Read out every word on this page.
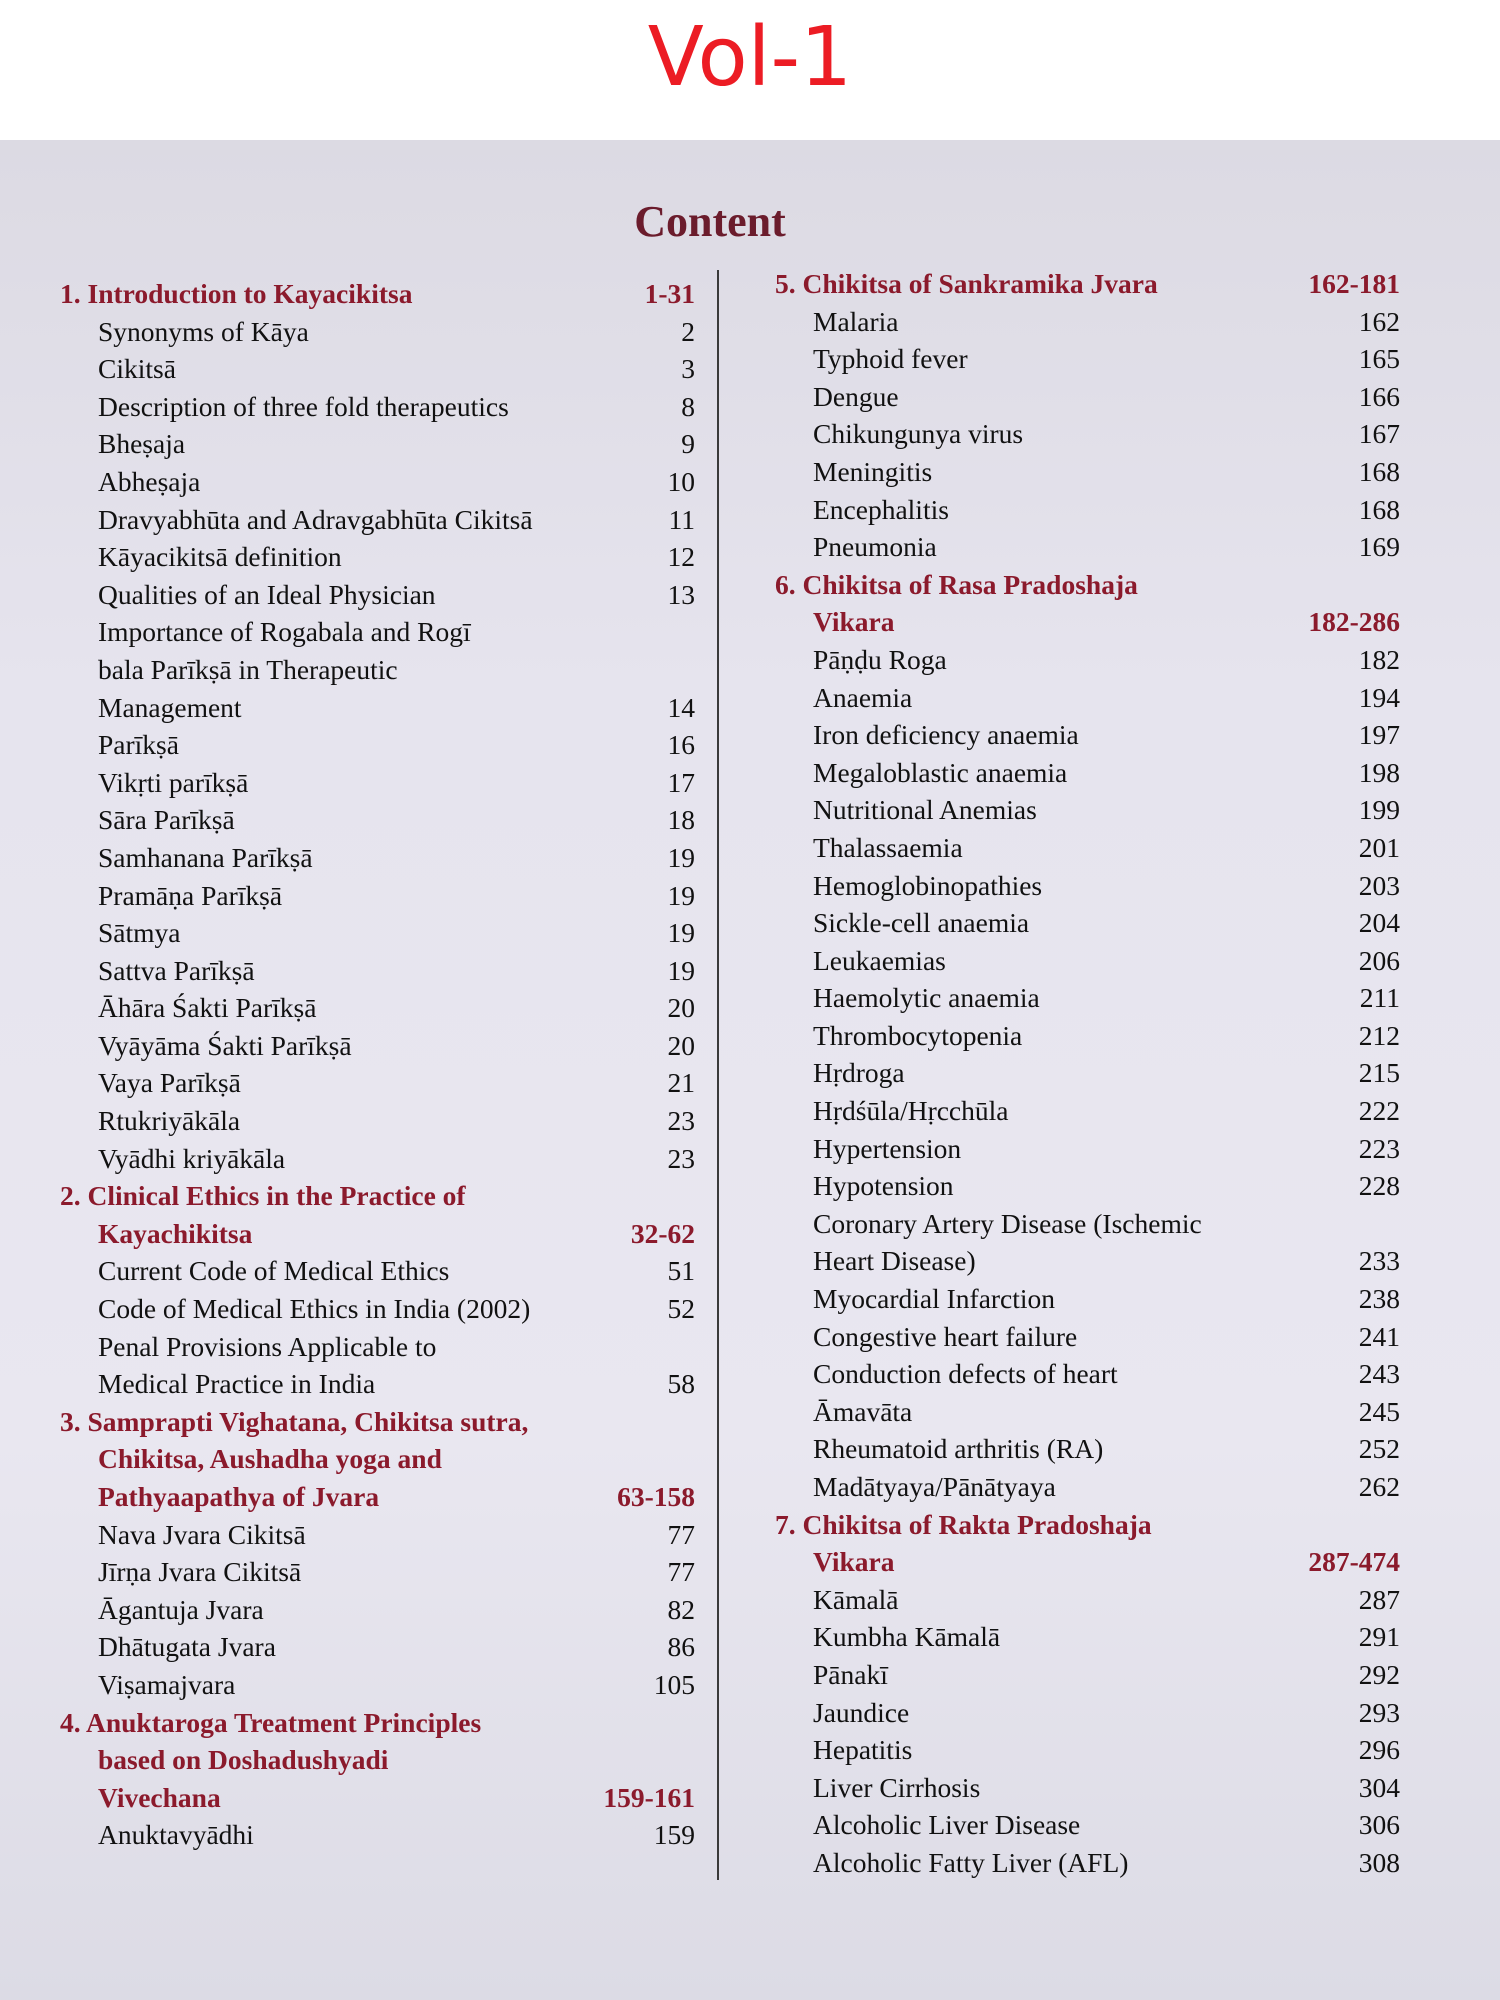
Vol-1
Content
1. Introduction to Kayacikitsa	1-31
Synonyms of Kāya	2
Cikitsā	3
Description of three fold therapeutics	8
Bheṣaja	9
Abheṣaja	10
Dravyabhūta and Adravgabhūta Cikitsā	11
Kāyacikitsā definition	12
Qualities of an Ideal Physician	13
Importance of Rogabala and Rogī
bala Parīkṣā in Therapeutic
Management	14
Parīkṣā	16
Vikṛti parīkṣā	17
Sāra Parīkṣā	18
Samhanana Parīkṣā	19
Pramāṇa Parīkṣā	19
Sātmya	19
Sattva Parīkṣā	19
Āhāra Śakti Parīkṣā	20
Vyāyāma Śakti Parīkṣā	20
Vaya Parīkṣā	21
Rtukriyākāla	23
Vyādhi kriyākāla	23
2. Clinical Ethics in the Practice of
Kayachikitsa	32-62
Current Code of Medical Ethics	51
Code of Medical Ethics in India (2002)	52
Penal Provisions Applicable to
Medical Practice in India	58
3. Samprapti Vighatana, Chikitsa sutra,
Chikitsa, Aushadha yoga and
Pathyaapathya of Jvara	63-158
Nava Jvara Cikitsā	77
Jīrṇa Jvara Cikitsā	77
Āgantuja Jvara	82
Dhātugata Jvara	86
Viṣamajvara	105
4. Anuktaroga Treatment Principles
based on Doshadushyadi
Vivechana	159-161
Anuktavyādhi	159
5. Chikitsa of Sankramika Jvara	162-181
Malaria	162
Typhoid fever	165
Dengue	166
Chikungunya virus	167
Meningitis	168
Encephalitis	168
Pneumonia	169
6. Chikitsa of Rasa Pradoshaja
Vikara	182-286
Pāṇḍu Roga	182
Anaemia	194
Iron deficiency anaemia	197
Megaloblastic anaemia	198
Nutritional Anemias	199
Thalassaemia	201
Hemoglobinopathies	203
Sickle-cell anaemia	204
Leukaemias	206
Haemolytic anaemia	211
Thrombocytopenia	212
Hṛdroga	215
Hṛdśūla/Hṛcchūla	222
Hypertension	223
Hypotension	228
Coronary Artery Disease (Ischemic
Heart Disease)	233
Myocardial Infarction	238
Congestive heart failure	241
Conduction defects of heart	243
Āmavāta	245
Rheumatoid arthritis (RA)	252
Madātyaya/Pānātyaya	262
7. Chikitsa of Rakta Pradoshaja
Vikara	287-474
Kāmalā	287
Kumbha Kāmalā	291
Pānakī	292
Jaundice	293
Hepatitis	296
Liver Cirrhosis	304
Alcoholic Liver Disease	306
Alcoholic Fatty Liver (AFL)	308
